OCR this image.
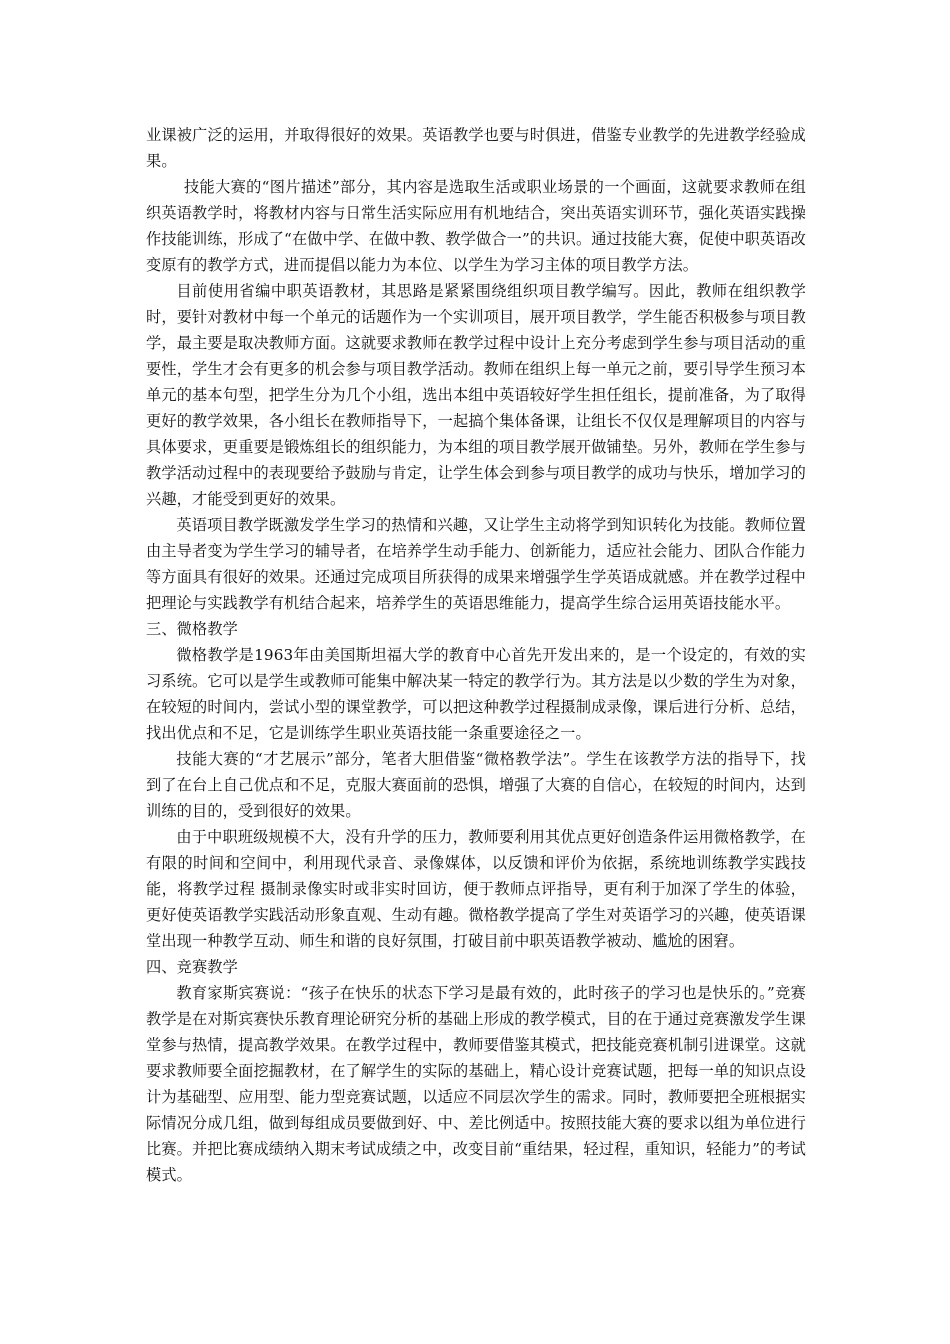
业课被广泛的运用，并取得很好的效果。英语教学也要与时俱进，借鉴专业教学的先进教学经验成果。

技能大赛的“图片描述”部分，其内容是选取生活或职业场景的一个画面，这就要求教师在组织英语教学时，将教材内容与日常生活实际应用有机地结合，突出英语实训环节，强化英语实践操作技能训练，形成了“在做中学、在做中教、教学做合一”的共识。通过技能大赛，促使中职英语改变原有的教学方式，进而提倡以能力为本位、以学生为学习主体的项目教学方法。

目前使用省编中职英语教材，其思路是紧紧围绕组织项目教学编写。因此，教师在组织教学时，要针对教材中每一个单元的话题作为一个实训项目，展开项目教学，学生能否积极参与项目教学，最主要是取决教师方面。这就要求教师在教学过程中设计上充分考虑到学生参与项目活动的重要性，学生才会有更多的机会参与项目教学活动。教师在组织上每一单元之前，要引导学生预习本单元的基本句型，把学生分为几个小组，选出本组中英语较好学生担任组长，提前准备，为了取得更好的教学效果，各小组长在教师指导下，一起搞个集体备课，让组长不仅仅是理解项目的内容与具体要求，更重要是锻炼组长的组织能力，为本组的项目教学展开做铺垫。另外，教师在学生参与教学活动过程中的表现要给予鼓励与肯定，让学生体会到参与项目教学的成功与快乐，增加学习的兴趣，才能受到更好的效果。

英语项目教学既激发学生学习的热情和兴趣，又让学生主动将学到知识转化为技能。教师位置由主导者变为学生学习的辅导者，在培养学生动手能力、创新能力，适应社会能力、团队合作能力等方面具有很好的效果。还通过完成项目所获得的成果来增强学生学英语成就感。并在教学过程中把理论与实践教学有机结合起来，培养学生的英语思维能力，提高学生综合运用英语技能水平。

三、微格教学

微格教学是1963年由美国斯坦福大学的教育中心首先开发出来的，是一个设定的，有效的实习系统。它可以是学生或教师可能集中解决某一特定的教学行为。其方法是以少数的学生为对象，在较短的时间内，尝试小型的课堂教学，可以把这种教学过程摄制成录像，课后进行分析、总结，找出优点和不足，它是训练学生职业英语技能一条重要途径之一。

技能大赛的“才艺展示”部分，笔者大胆借鉴“微格教学法”。学生在该教学方法的指导下，找到了在台上自己优点和不足，克服大赛面前的恐惧，增强了大赛的自信心，在较短的时间内，达到训练的目的，受到很好的效果。

由于中职班级规模不大，没有升学的压力，教师要利用其优点更好创造条件运用微格教学，在有限的时间和空间中，利用现代录音、录像媒体，以反馈和评价为依据，系统地训练教学实践技能，将教学过程 摄制录像实时或非实时回访，便于教师点评指导，更有利于加深了学生的体验，更好使英语教学实践活动形象直观、生动有趣。微格教学提高了学生对英语学习的兴趣，使英语课堂出现一种教学互动、师生和谐的良好氛围，打破目前中职英语教学被动、尴尬的困窘。

四、竞赛教学

教育家斯宾赛说：“孩子在快乐的状态下学习是最有效的，此时孩子的学习也是快乐的。”竞赛教学是在对斯宾赛快乐教育理论研究分析的基础上形成的教学模式，目的在于通过竞赛激发学生课堂参与热情，提高教学效果。在教学过程中，教师要借鉴其模式，把技能竞赛机制引进课堂。这就要求教师要全面挖掘教材，在了解学生的实际的基础上，精心设计竞赛试题，把每一单的知识点设计为基础型、应用型、能力型竞赛试题，以适应不同层次学生的需求。同时，教师要把全班根据实际情况分成几组，做到每组成员要做到好、中、差比例适中。按照技能大赛的要求以组为单位进行比赛。并把比赛成绩纳入期末考试成绩之中，改变目前“重结果，轻过程，重知识，轻能力”的考试模式。
